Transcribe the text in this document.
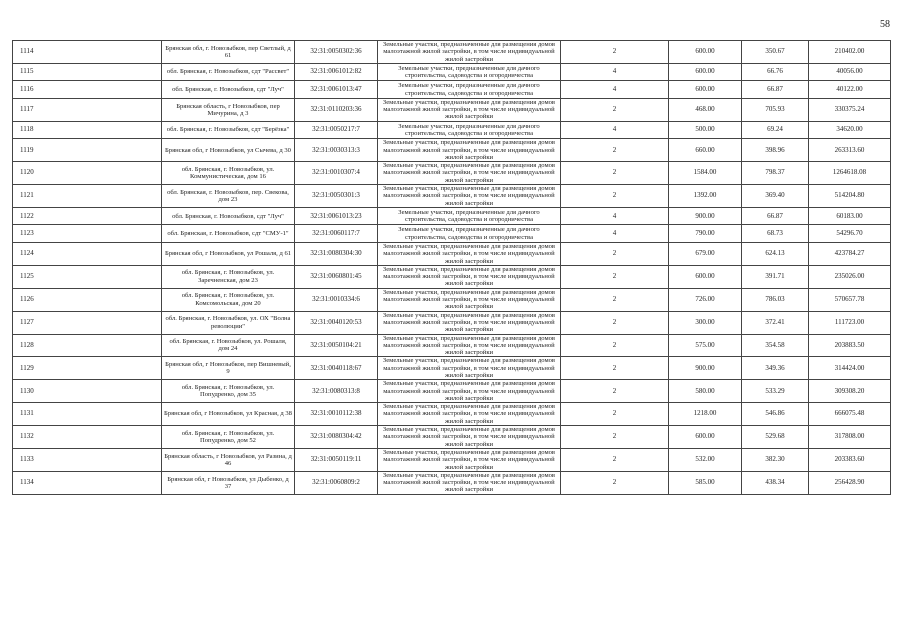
58
1114	Брянская обл, г. Новозыбков, пер Светлый, д 61	32:31:0050302:36	Земельные участки, предназначенные для размещения домов малоэтажной жилой застройки, в том числе индивидуальной жилой застройки	2	600.00	350.67	210402.00
1115	обл. Брянская, г. Новозыбков, сдт "Рассвет"	32:31:0061012:82	Земельные участки, предназначенные для дачного строительства, садоводства и огородничества	4	600.00	66.76	40056.00
1116	обл. Брянская, г. Новозыбков, сдт "Луч"	32:31:0061013:47	Земельные участки, предназначенные для дачного строительства, садоводства и огородничества	4	600.00	66.87	40122.00
1117	Брянская область, г Новозыбков, пер Мичурина, д 3	32:31:0110203:36	Земельные участки, предназначенные для размещения домов малоэтажной жилой застройки, в том числе индивидуальной жилой застройки	2	468.00	705.93	330375.24
1118	обл. Брянская, г. Новозыбков, сдт "Берёзка"	32:31:0050217:7	Земельные участки, предназначенные для дачного строительства, садоводства и огородничества	4	500.00	69.24	34620.00
1119	Брянская обл, г Новозыбков, ул Сычева, д 30	32:31:0030313:3	Земельные участки, предназначенные для размещения домов малоэтажной жилой застройки, в том числе индивидуальной жилой застройки	2	660.00	398.96	263313.60
1120	обл. Брянская, г. Новозыбков, ул. Коммунистическая, дом 16	32:31:0010307:4	Земельные участки, предназначенные для размещения домов малоэтажной жилой застройки, в том числе индивидуальной жилой застройки	2	1584.00	798.37	1264618.08
1121	обл. Брянская, г. Новозыбков, пер. Свекова, дом 23	32:31:0050301:3	Земельные участки, предназначенные для размещения домов малоэтажной жилой застройки, в том числе индивидуальной жилой застройки	2	1392.00	369.40	514204.80
1122	обл. Брянская, г. Новозыбков, сдт "Луч"	32:31:0061013:23	Земельные участки, предназначенные для дачного строительства, садоводства и огородничества	4	900.00	66.87	60183.00
1123	обл. Брянская, г. Новозыбков, сдт "СМУ-1"	32:31:0060117:7	Земельные участки, предназначенные для дачного строительства, садоводства и огородничества	4	790.00	68.73	54296.70
1124	Брянская обл, г Новозыбков, ул Рошаля, д 61	32:31:0080304:30	Земельные участки, предназначенные для размещения домов малоэтажной жилой застройки, в том числе индивидуальной жилой застройки	2	679.00	624.13	423784.27
1125	обл. Брянская, г. Новозыбков, ул. Заречненская, дом 23	32:31:0060801:45	Земельные участки, предназначенные для размещения домов малоэтажной жилой застройки, в том числе индивидуальной жилой застройки	2	600.00	391.71	235026.00
1126	обл. Брянская, г. Новозыбков, ул. Комсомольская, дом 20	32:31:0010334:6	Земельные участки, предназначенные для размещения домов малоэтажной жилой застройки, в том числе индивидуальной жилой застройки	2	726.00	786.03	570657.78
1127	обл. Брянская, г. Новозыбков, ул. ОХ "Волна революции"	32:31:0040120:53	Земельные участки, предназначенные для размещения домов малоэтажной жилой застройки, в том числе индивидуальной жилой застройки	2	300.00	372.41	111723.00
1128	обл. Брянская, г. Новозыбков, ул. Рошаля, дом 24	32:31:0050104:21	Земельные участки, предназначенные для размещения домов малоэтажной жилой застройки, в том числе индивидуальной жилой застройки	2	575.00	354.58	203883.50
1129	Брянская обл, г Новозыбков, пер Вишневый, 9	32:31:0040118:67	Земельные участки, предназначенные для размещения домов малоэтажной жилой застройки, в том числе индивидуальной жилой застройки	2	900.00	349.36	314424.00
1130	обл. Брянская, г. Новозыбков, ул. Попудренко, дом 35	32:31:0080313:8	Земельные участки, предназначенные для размещения домов малоэтажной жилой застройки, в том числе индивидуальной жилой застройки	2	580.00	533.29	309308.20
1131	Брянская обл, г Новозыбков, ул Красная, д 38	32:31:0010112:38	Земельные участки, предназначенные для размещения домов малоэтажной жилой застройки, в том числе индивидуальной жилой застройки	2	1218.00	546.86	666075.48
1132	обл. Брянская, г. Новозыбков, ул. Попудренко, дом 52	32:31:0080304:42	Земельные участки, предназначенные для размещения домов малоэтажной жилой застройки, в том числе индивидуальной жилой застройки	2	600.00	529.68	317808.00
1133	Брянская область, г Новозыбков, ул Разина, д 46	32:31:0050119:11	Земельные участки, предназначенные для размещения домов малоэтажной жилой застройки, в том числе индивидуальной жилой застройки	2	532.00	382.30	203383.60
1134	Брянская обл, г Новозыбков, ул Дыбенко, д 37	32:31:0060809:2	Земельные участки, предназначенные для размещения домов малоэтажной жилой застройки, в том числе индивидуальной жилой застройки	2	585.00	438.34	256428.90
